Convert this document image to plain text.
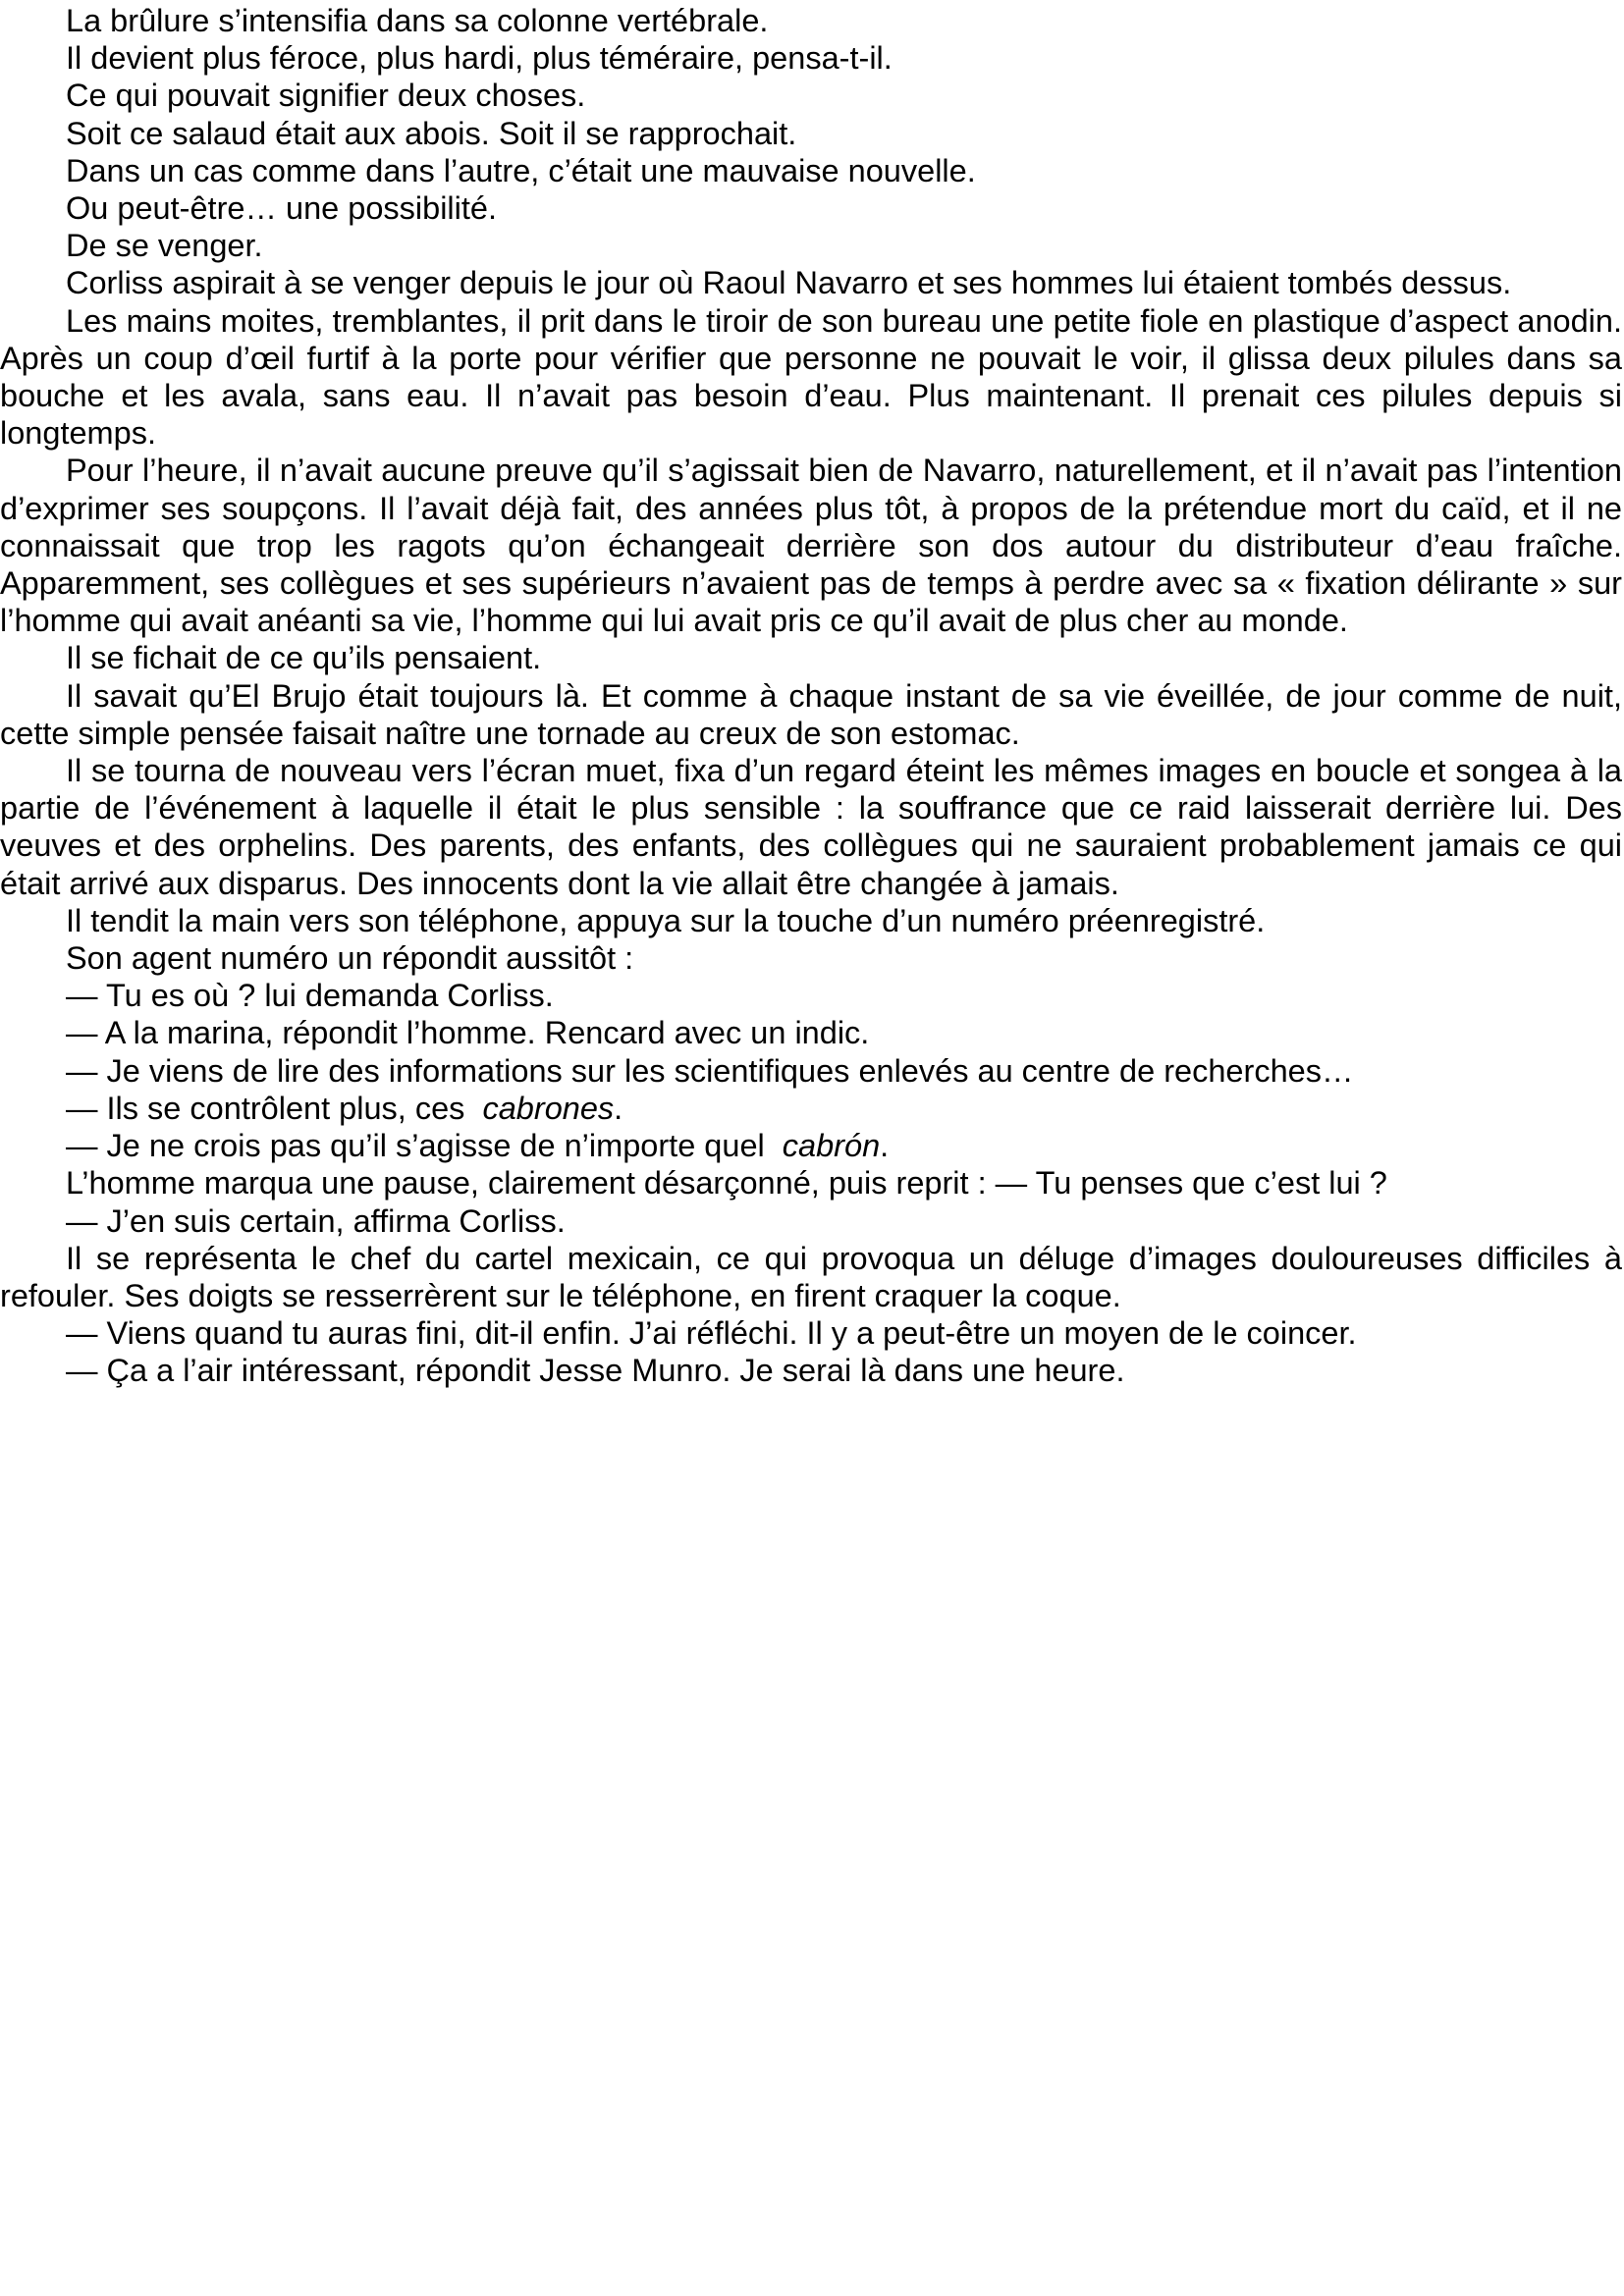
La brûlure s’intensifia dans sa colonne vertébrale.

Il devient plus féroce, plus hardi, plus téméraire, pensa-t-il.

Ce qui pouvait signifier deux choses.

Soit ce salaud était aux abois. Soit il se rapprochait.

Dans un cas comme dans l’autre, c’était une mauvaise nouvelle.

Ou peut-être… une possibilité.

De se venger.

Corliss aspirait à se venger depuis le jour où Raoul Navarro et ses hommes lui étaient tombés dessus.

Les mains moites, tremblantes, il prit dans le tiroir de son bureau une petite fiole en plastique d’aspect anodin. Après un coup d’œil furtif à la porte pour vérifier que personne ne pouvait le voir, il glissa deux pilules dans sa bouche et les avala, sans eau. Il n’avait pas besoin d’eau. Plus maintenant. Il prenait ces pilules depuis si longtemps.

Pour l’heure, il n’avait aucune preuve qu’il s’agissait bien de Navarro, naturellement, et il n’avait pas l’intention d’exprimer ses soupçons. Il l’avait déjà fait, des années plus tôt, à propos de la prétendue mort du caïd, et il ne connaissait que trop les ragots qu’on échangeait derrière son dos autour du distributeur d’eau fraîche. Apparemment, ses collègues et ses supérieurs n’avaient pas de temps à perdre avec sa « fixation délirante » sur l’homme qui avait anéanti sa vie, l’homme qui lui avait pris ce qu’il avait de plus cher au monde.

Il se fichait de ce qu’ils pensaient.

Il savait qu’El Brujo était toujours là. Et comme à chaque instant de sa vie éveillée, de jour comme de nuit, cette simple pensée faisait naître une tornade au creux de son estomac.

Il se tourna de nouveau vers l’écran muet, fixa d’un regard éteint les mêmes images en boucle et songea à la partie de l’événement à laquelle il était le plus sensible : la souffrance que ce raid laisserait derrière lui. Des veuves et des orphelins. Des parents, des enfants, des collègues qui ne sauraient probablement jamais ce qui était arrivé aux disparus. Des innocents dont la vie allait être changée à jamais.

Il tendit la main vers son téléphone, appuya sur la touche d’un numéro préenregistré.

Son agent numéro un répondit aussitôt :

— Tu es où ? lui demanda Corliss.

— A la marina, répondit l’homme. Rencard avec un indic.

— Je viens de lire des informations sur les scientifiques enlevés au centre de recherches…

— Ils se contrôlent plus, ces cabrones.

— Je ne crois pas qu’il s’agisse de n’importe quel cabrón.

L’homme marqua une pause, clairement désarçonné, puis reprit : — Tu penses que c’est lui ?

— J’en suis certain, affirma Corliss.

Il se représenta le chef du cartel mexicain, ce qui provoqua un déluge d’images douloureuses difficiles à refouler. Ses doigts se resserrèrent sur le téléphone, en firent craquer la coque.

— Viens quand tu auras fini, dit-il enfin. J’ai réfléchi. Il y a peut-être un moyen de le coincer.

— Ça a l’air intéressant, répondit Jesse Munro. Je serai là dans une heure.
